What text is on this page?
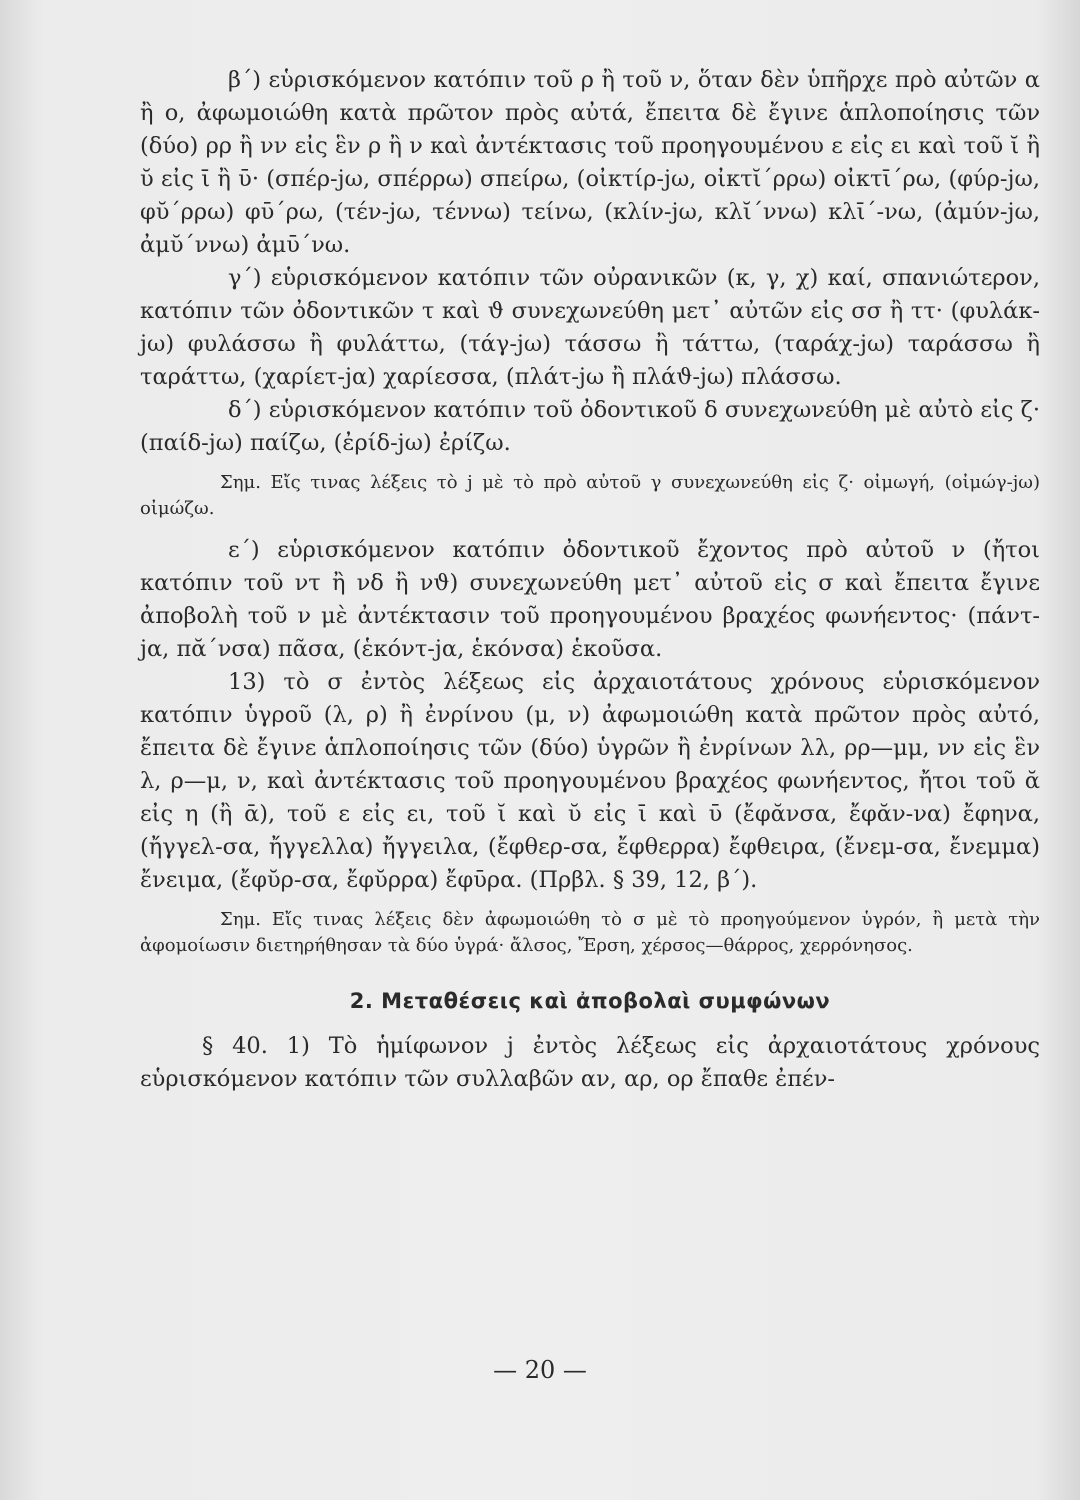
β΄) εὑρισκόμενον κατόπιν τοῦ ρ ἢ τοῦ ν, ὅταν δὲν ὑπῆρχε πρὸ αὐτῶν α ἢ ο, ἀφωμοιώθη κατὰ πρῶτον πρὸς αὐτά, ἔπειτα δὲ ἔγινε ἁπλοποίησις τῶν (δύο) ρρ ἢ νν εἰς ἓν ρ ἢ ν καὶ ἀντέκτασις τοῦ προηγουμένου ε εἰς ει καὶ τοῦ ῐ ἢ ῠ εἰς ῑ ἢ ῡ· (σπέρ-jω, σπέρρω) σπείρω, (οἰκτίρ-jω, οἰκτῐ΄ρρω) οἰκτῑ΄ρω, (φύρ-jω, φῠ΄ρρω) φῡ΄ρω, (τέν-jω, τέννω) τείνω, (κλίν-jω, κλῐ΄ννω) κλῑ΄-νω, (ἀμύν-jω, ἀμῠ΄ννω) ἀμῡ΄νω.

γ΄) εὑρισκόμενον κατόπιν τῶν οὐρανικῶν (κ, γ, χ) καί, σπανιώτερον, κατόπιν τῶν ὀδοντικῶν τ καὶ ϑ συνεχωνεύθη μετ᾽ αὐτῶν εἰς σσ ἢ ττ· (φυλάκ-jω) φυλάσσω ἢ φυλάττω, (τάγ-jω) τάσσω ἢ τάττω, (ταράχ-jω) ταράσσω ἢ ταράττω, (χαρίετ-jα) χαρίεσσα, (πλάτ-jω ἢ πλάϑ-jω) πλάσσω.

δ΄) εὑρισκόμενον κατόπιν τοῦ ὀδοντικοῦ δ συνεχωνεύθη μὲ αὐτὸ εἰς ζ· (παίδ-jω) παίζω, (ἐρίδ-jω) ἐρίζω.

Σημ. Εἴς τινας λέξεις τὸ j μὲ τὸ πρὸ αὐτοῦ γ συνεχωνεύθη εἰς ζ· οἰμωγή, (οἰμώγ-jω) οἰμώζω.

ε΄) εὑρισκόμενον κατόπιν ὀδοντικοῦ ἔχοντος πρὸ αὐτοῦ ν (ἤτοι κατόπιν τοῦ ντ ἢ νδ ἢ νϑ) συνεχωνεύθη μετ᾽ αὐτοῦ εἰς σ καὶ ἔπειτα ἔγινε ἀποβολὴ τοῦ ν μὲ ἀντέκτασιν τοῦ προηγουμένου βραχέος φωνήεντος· (πάντ-jα, πᾰ΄νσα) πᾶσα, (ἑκόντ-jα, ἑκόνσα) ἑκοῦσα.

13) τὸ σ ἐντὸς λέξεως εἰς ἀρχαιοτάτους χρόνους εὑρισκόμενον κατόπιν ὑγροῦ (λ, ρ) ἢ ἐνρίνου (μ, ν) ἀφωμοιώθη κατὰ πρῶτον πρὸς αὐτό, ἔπειτα δὲ ἔγινε ἁπλοποίησις τῶν (δύο) ὑγρῶν ἢ ἐνρίνων λλ, ρρ—μμ, νν εἰς ἓν λ, ρ—μ, ν, καὶ ἀντέκτασις τοῦ προηγουμένου βραχέος φωνήεντος, ἤτοι τοῦ ᾰ εἰς η (ἢ ᾱ), τοῦ ε εἰς ει, τοῦ ῐ καὶ ῠ εἰς ῑ καὶ ῡ (ἔφᾰνσα, ἔφᾰν-να) ἔφηνα, (ἤγγελ-σα, ἤγγελλα) ἤγγειλα, (ἔφθερ-σα, ἔφθερρα) ἔφθειρα, (ἔνεμ-σα, ἔνεμμα) ἔνειμα, (ἔφῠρ-σα, ἔφῠρρα) ἔφῡρα. (Πρβλ. § 39, 12, β΄).

Σημ. Εἴς τινας λέξεις δὲν ἀφωμοιώθη τὸ σ μὲ τὸ προηγούμενον ὑγρόν, ἢ μετὰ τὴν ἀφομοίωσιν διετηρήθησαν τὰ δύο ὑγρά· ἄλσος, Ἔρση, χέρσος—θάρρος, χερρόνησος.

2. Μεταθέσεις καὶ ἀποβολαὶ συμφώνων

§ 40. 1) Τὸ ἡμίφωνον j ἐντὸς λέξεως εἰς ἀρχαιοτάτους χρόνους εὑρισκόμενον κατόπιν τῶν συλλαβῶν αν, αρ, ορ ἔπαθε ἐπέν-

— 20 —
